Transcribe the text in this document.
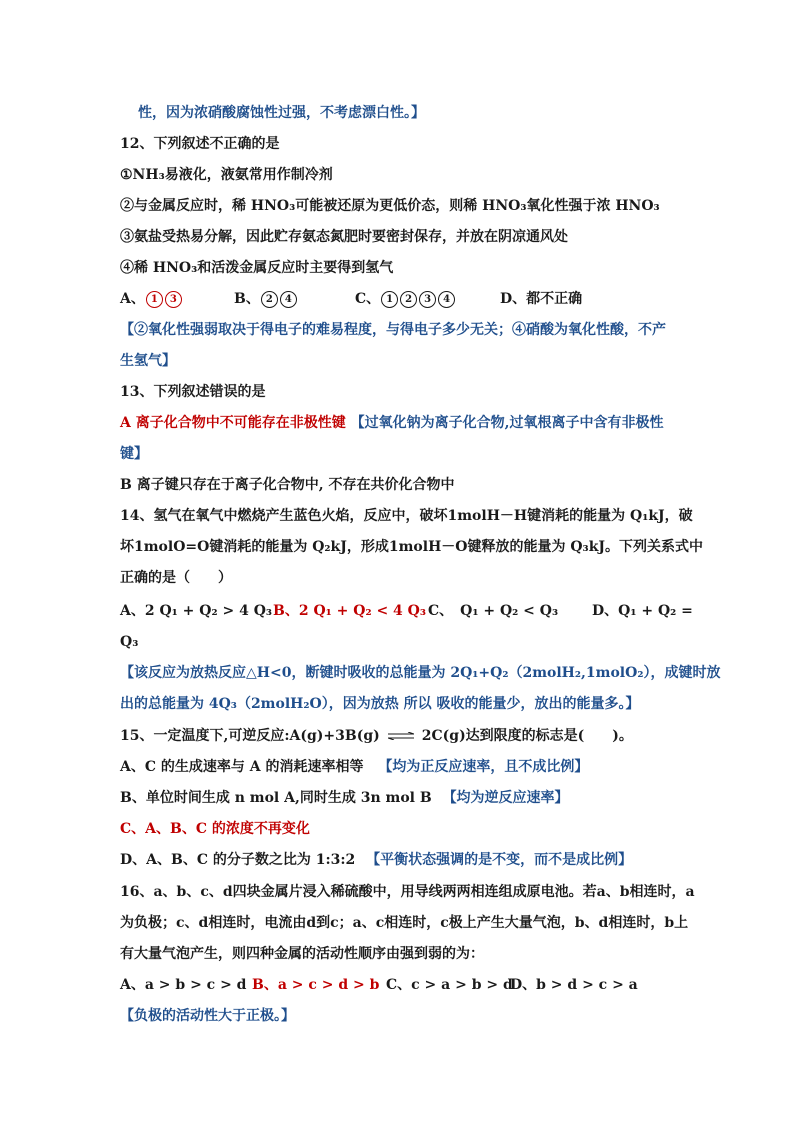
性，因为浓硝酸腐蚀性过强，不考虑漂白性。】
12、下列叙述不正确的是
①NH₃易液化，液氨常用作制冷剂
②与金属反应时，稀 HNO₃可能被还原为更低价态，则稀 HNO₃氧化性强于浓 HNO₃
③氨盐受热易分解，因此贮存氨态氮肥时要密封保存，并放在阴凉通风处
④稀 HNO₃和活泼金属反应时主要得到氢气
A、 1 3	B、 2 4	C、 1 2 3 4	D、都不正确
【②氧化性强弱取决于得电子的难易程度，与得电子多少无关；④硝酸为氧化性酸，不产
生氢气】
13、下列叙述错误的是
A 离子化合物中不可能存在非极性键 【过氧化钠为离子化合物,过氧根离子中含有非极性
键】
B 离子键只存在于离子化合物中, 不存在共价化合物中
14、氢气在氧气中燃烧产生蓝色火焰，反应中，破坏1molH－H键消耗的能量为 Q₁kJ，破
坏1molO=O键消耗的能量为 Q₂kJ，形成1molH－O键释放的能量为 Q₃kJ。下列关系式中
正确的是（　　）
A、2 Q₁ + Q₂ > 4 Q₃ B、2 Q₁ + Q₂ < 4 Q₃ C、　Q₁ + Q₂ < Q₃ D、Q₁ + Q₂ =
Q₃
【该反应为放热反应△H<0，断键时吸收的总能量为 2Q₁+Q₂（2molH₂,1molO₂），成键时放
出的总能量为 4Q₃（2molH₂O），因为放热 所以 吸收的能量少，放出的能量多。】
15、一定温度下,可逆反应:A(g)+3B(g) ⇌ 2C(g)达到限度的标志是(　　)。
A、C 的生成速率与 A 的消耗速率相等 【均为正反应速率，且不成比例】
B、单位时间生成 n mol A,同时生成 3n mol B 【均为逆反应速率】
C、A、B、C 的浓度不再变化
D、A、B、C 的分子数之比为 1:3:2 【平衡状态强调的是不变，而不是成比例】
16、a、b、c、d四块金属片浸入稀硫酸中，用导线两两相连组成原电池。若a、b相连时，a
为负极；c、d相连时，电流由d到c；a、c相连时，c极上产生大量气泡，b、d相连时，b上
有大量气泡产生，则四种金属的活动性顺序由强到弱的为：
A、a > b > c > d B、a > c > d > b C、c > a > b > d
D、b > d > c > a
【负极的活动性大于正极。】
